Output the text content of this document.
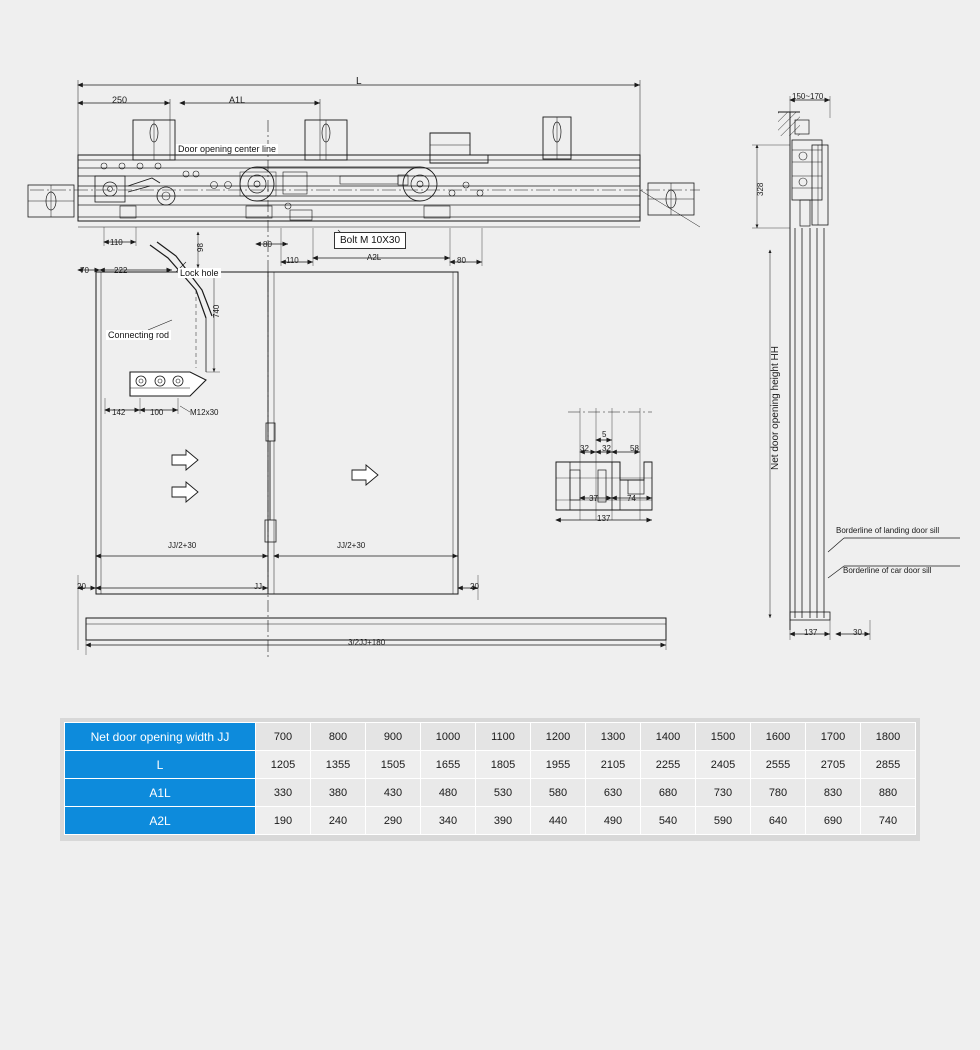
250	A1L
L
Door opening center line
Bolt M 10X30
Lock hole
Connecting rod
110
98	80
70	222
110	A2L	80
740
142	100	M12x30
JJ/2+30	JJ/2+30
JJ
20	20
3/2JJ+180
150~170
328
Net door opening height HH
Borderline of landing door sill
Borderline of car door sill
137	30
5
32 32 58
37	74
137
Net door opening width JJ	700	800	900	1000	1100	1200	1300	1400	1500	1600	1700	1800
L	1205	1355	1505	1655	1805	1955	2105	2255	2405	2555	2705	2855
A1L	330	380	430	480	530	580	630	680	730	780	830	880
A2L	190	240	290	340	390	440	490	540	590	640	690	740
